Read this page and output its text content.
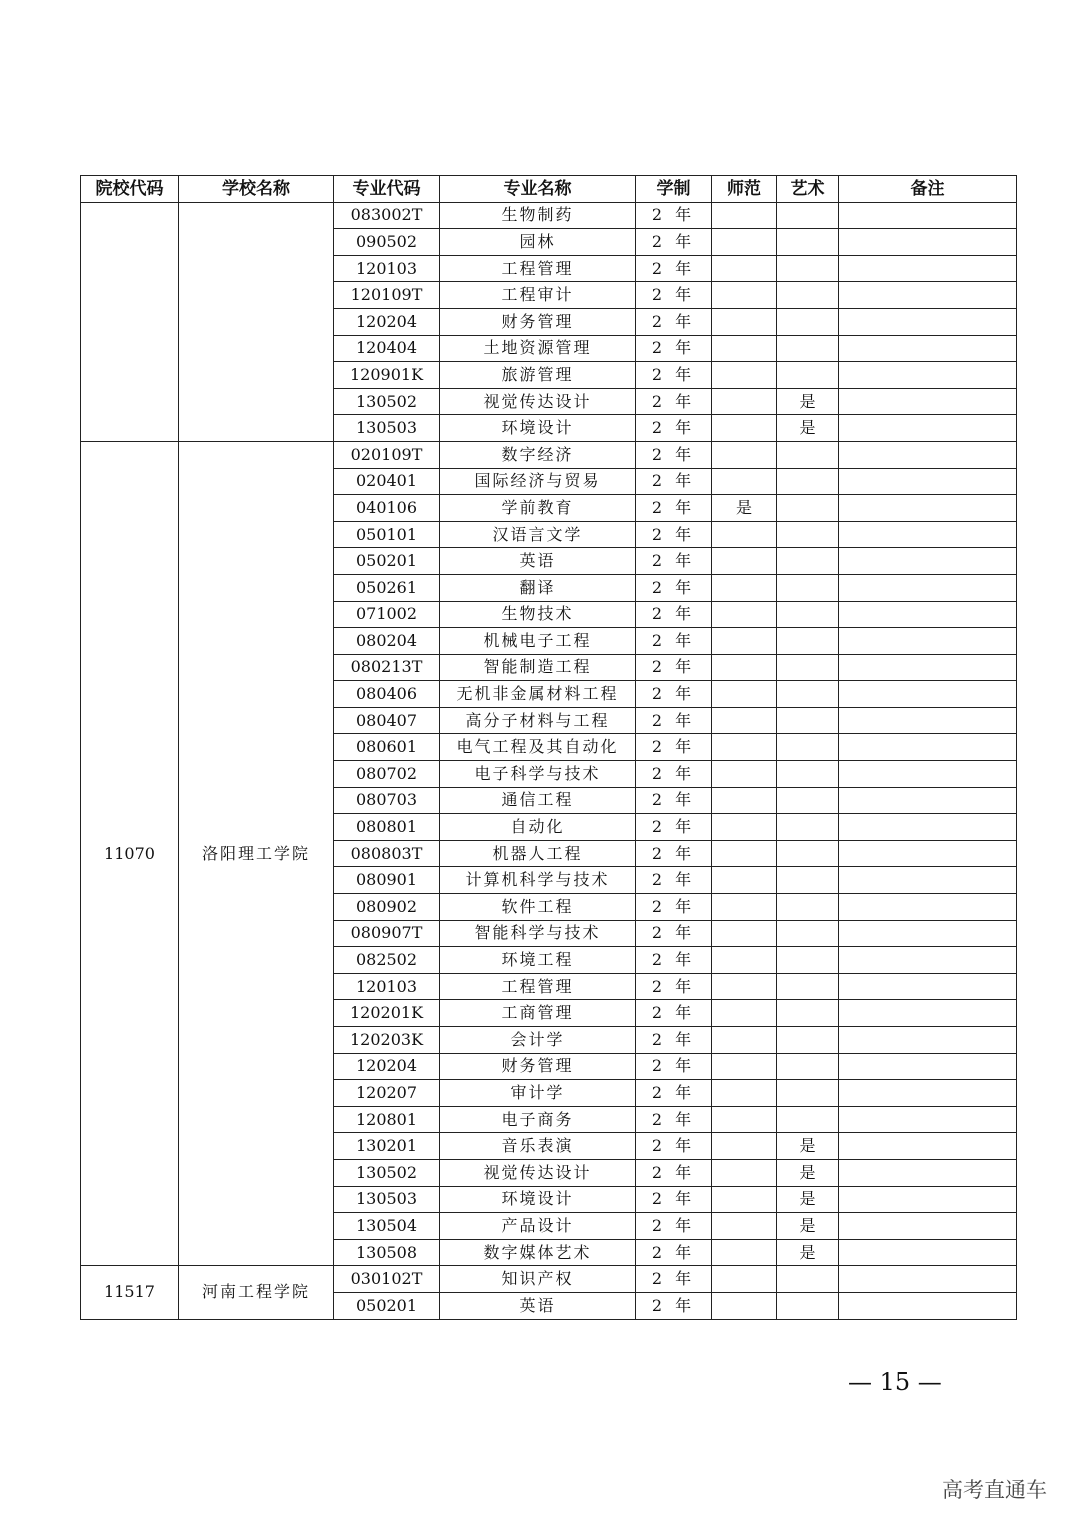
院校代码	学校名称	专业代码	专业名称	学制	师范	艺术	备注
		083002T	生物制药	2 年			
		090502	园林	2 年			
		120103	工程管理	2 年			
		120109T	工程审计	2 年			
		120204	财务管理	2 年			
		120404	土地资源管理	2 年			
		120901K	旅游管理	2 年			
		130502	视觉传达设计	2 年		是	
		130503	环境设计	2 年		是	
11070	洛阳理工学院	020109T	数字经济	2 年			
		020401	国际经济与贸易	2 年			
		040106	学前教育	2 年	是		
		050101	汉语言文学	2 年			
		050201	英语	2 年			
		050261	翻译	2 年			
		071002	生物技术	2 年			
		080204	机械电子工程	2 年			
		080213T	智能制造工程	2 年			
		080406	无机非金属材料工程	2 年			
		080407	高分子材料与工程	2 年			
		080601	电气工程及其自动化	2 年			
		080702	电子科学与技术	2 年			
		080703	通信工程	2 年			
		080801	自动化	2 年			
		080803T	机器人工程	2 年			
		080901	计算机科学与技术	2 年			
		080902	软件工程	2 年			
		080907T	智能科学与技术	2 年			
		082502	环境工程	2 年			
		120103	工程管理	2 年			
		120201K	工商管理	2 年			
		120203K	会计学	2 年			
		120204	财务管理	2 年			
		120207	审计学	2 年			
		120801	电子商务	2 年			
		130201	音乐表演	2 年		是	
		130502	视觉传达设计	2 年		是	
		130503	环境设计	2 年		是	
		130504	产品设计	2 年		是	
		130508	数字媒体艺术	2 年		是	
11517	河南工程学院	030102T	知识产权	2 年			
		050201	英语	2 年			
— 15 —
高考直通车
